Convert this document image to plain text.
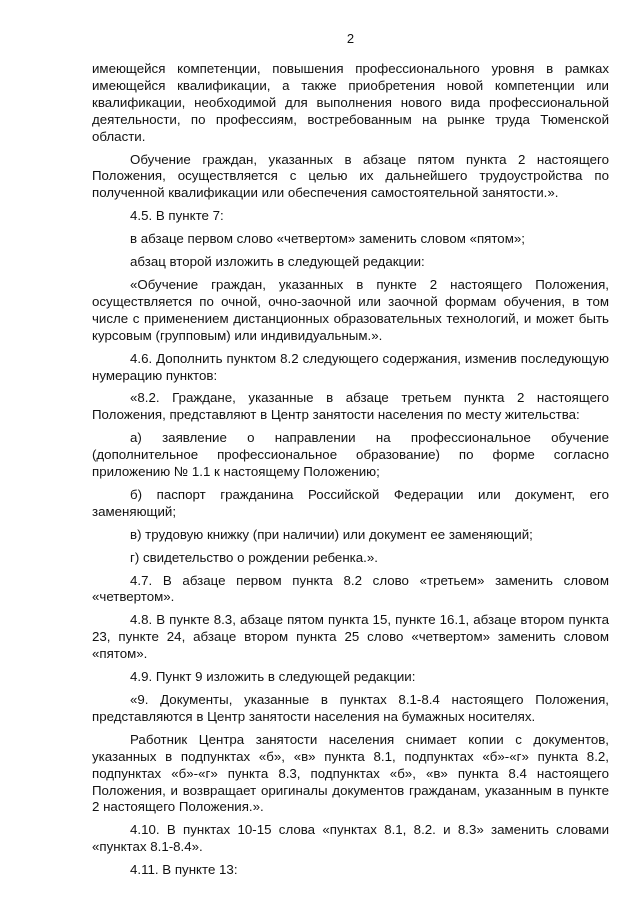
2

имеющейся компетенции, повышения профессионального уровня в рамках имеющейся квалификации, а также приобретения новой компетенции или квалификации, необходимой для выполнения нового вида профессиональной деятельности, по профессиям, востребованным на рынке труда Тюменской области.

Обучение граждан, указанных в абзаце пятом пункта 2 настоящего Положения, осуществляется с целью их дальнейшего трудоустройства по полученной квалификации или обеспечения самостоятельной занятости.».

4.5. В пункте 7:

в абзаце первом слово «четвертом» заменить словом «пятом»;

абзац второй изложить в следующей редакции:

«Обучение граждан, указанных в пункте 2 настоящего Положения, осуществляется по очной, очно-заочной или заочной формам обучения, в том числе с применением дистанционных образовательных технологий, и может быть курсовым (групповым) или индивидуальным.».

4.6. Дополнить пунктом 8.2 следующего содержания, изменив последующую нумерацию пунктов:

«8.2. Граждане, указанные в абзаце третьем пункта 2 настоящего Положения, представляют в Центр занятости населения по месту жительства:

а) заявление о направлении на профессиональное обучение (дополнительное профессиональное образование) по форме согласно приложению № 1.1 к настоящему Положению;

б) паспорт гражданина Российской Федерации или документ, его заменяющий;

в) трудовую книжку (при наличии) или документ ее заменяющий;

г) свидетельство о рождении ребенка.».

4.7. В абзаце первом пункта 8.2 слово «третьем» заменить словом «четвертом».

4.8. В пункте 8.3, абзаце пятом пункта 15, пункте 16.1, абзаце втором пункта 23, пункте 24, абзаце втором пункта 25 слово «четвертом» заменить словом «пятом».

4.9. Пункт 9 изложить в следующей редакции:

«9. Документы, указанные в пунктах 8.1-8.4 настоящего Положения, представляются в Центр занятости населения на бумажных носителях.

Работник Центра занятости населения снимает копии с документов, указанных в подпунктах «б», «в» пункта 8.1, подпунктах «б»-«г» пункта 8.2, подпунктах «б»-«г» пункта 8.3, подпунктах «б», «в» пункта 8.4 настоящего Положения, и возвращает оригиналы документов гражданам, указанным в пункте 2 настоящего Положения.».

4.10. В пунктах 10-15 слова «пунктах 8.1, 8.2. и 8.3» заменить словами «пунктах 8.1-8.4».

4.11. В пункте 13:
